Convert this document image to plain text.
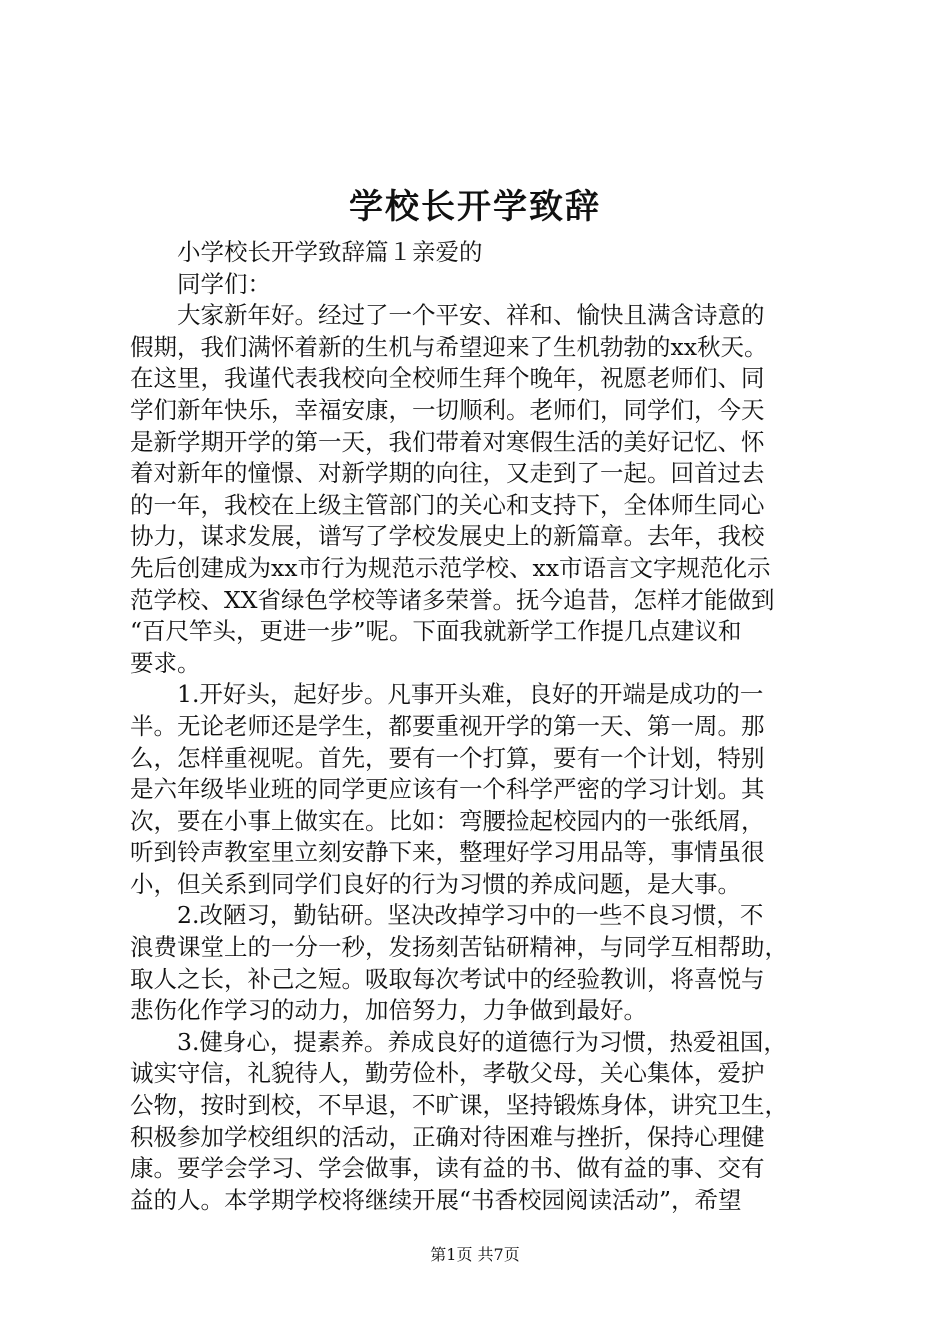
学校长开学致辞
小学校长开学致辞篇１亲爱的
同学们：
大家新年好。经过了一个平安、祥和、愉快且满含诗意的
假期，我们满怀着新的生机与希望迎来了生机勃勃的xx秋天。
在这里，我谨代表我校向全校师生拜个晚年，祝愿老师们、同
学们新年快乐，幸福安康，一切顺利。老师们，同学们，今天
是新学期开学的第一天，我们带着对寒假生活的美好记忆、怀
着对新年的憧憬、对新学期的向往，又走到了一起。回首过去
的一年，我校在上级主管部门的关心和支持下，全体师生同心
协力，谋求发展，谱写了学校发展史上的新篇章。去年，我校
先后创建成为xx市行为规范示范学校、xx市语言文字规范化示
范学校、XX省绿色学校等诸多荣誉。抚今追昔，怎样才能做到
“百尺竿头，更进一步”呢。下面我就新学工作提几点建议和
要求。
1.开好头，起好步。凡事开头难，良好的开端是成功的一
半。无论老师还是学生，都要重视开学的第一天、第一周。那
么，怎样重视呢。首先，要有一个打算，要有一个计划，特别
是六年级毕业班的同学更应该有一个科学严密的学习计划。其
次，要在小事上做实在。比如：弯腰捡起校园内的一张纸屑，
听到铃声教室里立刻安静下来，整理好学习用品等，事情虽很
小，但关系到同学们良好的行为习惯的养成问题，是大事。
2.改陋习，勤钻研。坚决改掉学习中的一些不良习惯，不
浪费课堂上的一分一秒，发扬刻苦钻研精神，与同学互相帮助，
取人之长，补己之短。吸取每次考试中的经验教训，将喜悦与
悲伤化作学习的动力，加倍努力，力争做到最好。
3.健身心，提素养。养成良好的道德行为习惯，热爱祖国，
诚实守信，礼貌待人，勤劳俭朴，孝敬父母，关心集体，爱护
公物，按时到校，不早退，不旷课，坚持锻炼身体，讲究卫生，
积极参加学校组织的活动，正确对待困难与挫折，保持心理健
康。要学会学习、学会做事，读有益的书、做有益的事、交有
益的人。本学期学校将继续开展“书香校园阅读活动”，希望
第1页 共7页
